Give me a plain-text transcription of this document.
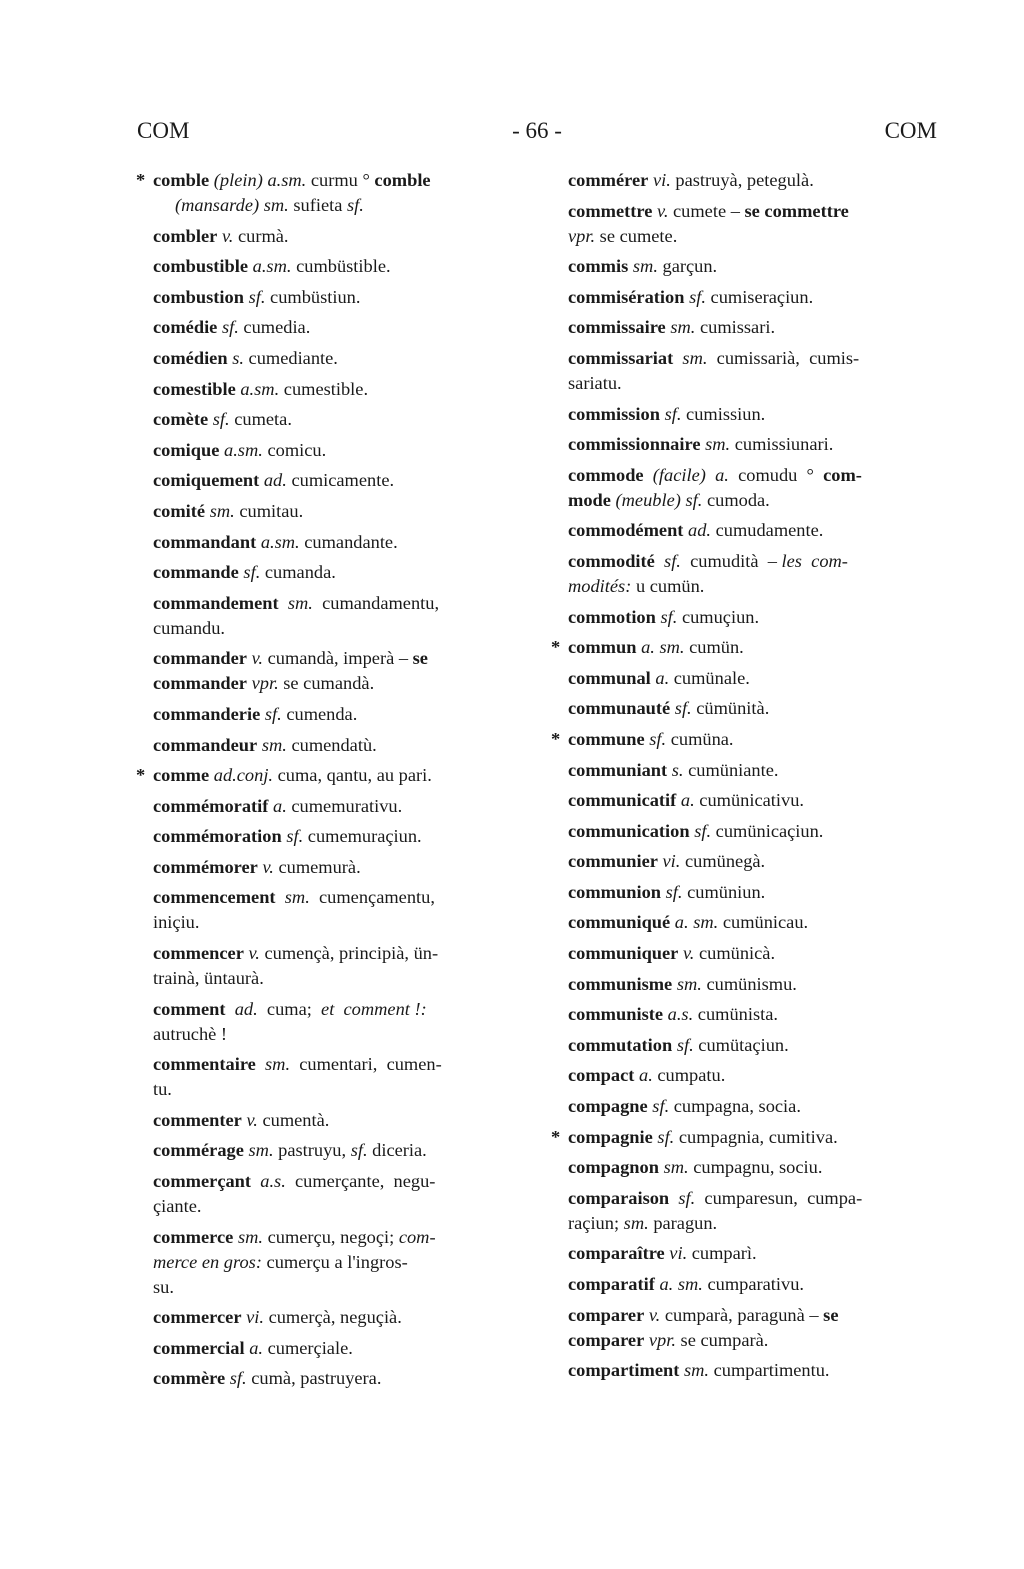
COM	- 66 -	COM
* comble (plein) a.sm. curmu ° comble
(mansarde) sm. sufieta sf.
combler v. curmà.
combustible a.sm. cumbüstible.
combustion sf. cumbüstiun.
comédie sf. cumedia.
comédien s. cumediante.
comestible a.sm. cumestible.
comète sf. cumeta.
comique a.sm. comicu.
comiquement ad. cumicamente.
comité sm. cumitau.
commandant a.sm. cumandante.
commande sf. cumanda.
commandement sm.  cumandamentu,
cumandu.
commander v. cumandà, imperà – se
commander vpr. se cumandà.
commanderie sf. cumenda.
commandeur sm. cumendatù.
* comme ad.conj. cuma, qantu, au pari.
commémoratif a. cumemurativu.
commémoration sf. cumemuraçiun.
commémorer v. cumemurà.
commencement sm.  cumençamentu,
iniçiu.
commencer v. cumençà, principià, ün-
trainà, üntaurà.
comment ad.  cuma;  et  comment !:
autruchè !
commentaire sm.  cumentari,  cumen-
tu.
commenter v. cumentà.
commérage sm. pastruyu, sf. diceria.
commerçant a.s.  cumerçante,  negu-
çiante.
commerce sm. cumerçu, negoçi; com-
merce en gros: cumerçu a l'ingros-
su.
commercer vi. cumerçà, neguçià.
commercial a. cumerçiale.
commère sf. cumà, pastruyera.
commérer vi. pastruyà, petegulà.
commettre v. cumete – se commettre
vpr. se cumete.
commis sm. garçun.
commisération sf. cumiseraçiun.
commissaire sm. cumissari.
commissariat sm.  cumissarià,  cumis-
sariatu.
commission sf. cumissiun.
commissionnaire sm. cumissiunari.
commode (facile) a.  comudu  °  com-
mode (meuble) sf. cumoda.
commodément ad. cumudamente.
commodité sf.  cumudità  – les  com-
modités: u cumün.
commotion sf. cumuçiun.
* commun a. sm. cumün.
communal a. cumünale.
communauté sf. cümünità.
* commune sf. cumüna.
communiant s. cumüniante.
communicatif a. cumünicativu.
communication sf. cumünicaçiun.
communier vi. cumünegà.
communion sf. cumüniun.
communiqué a. sm. cumünicau.
communiquer v. cumünicà.
communisme sm. cumünismu.
communiste a.s. cumünista.
commutation sf. cumütaçiun.
compact a. cumpatu.
compagne sf. cumpagna, socia.
* compagnie sf. cumpagnia, cumitiva.
compagnon sm. cumpagnu, sociu.
comparaison sf.  cumparesun,  cumpa-
raçiun; sm. paragun.
comparaître vi. cumparì.
comparatif a. sm. cumparativu.
comparer v. cumparà, paragunà – se
comparer vpr. se cumparà.
compartiment sm. cumpartimentu.
